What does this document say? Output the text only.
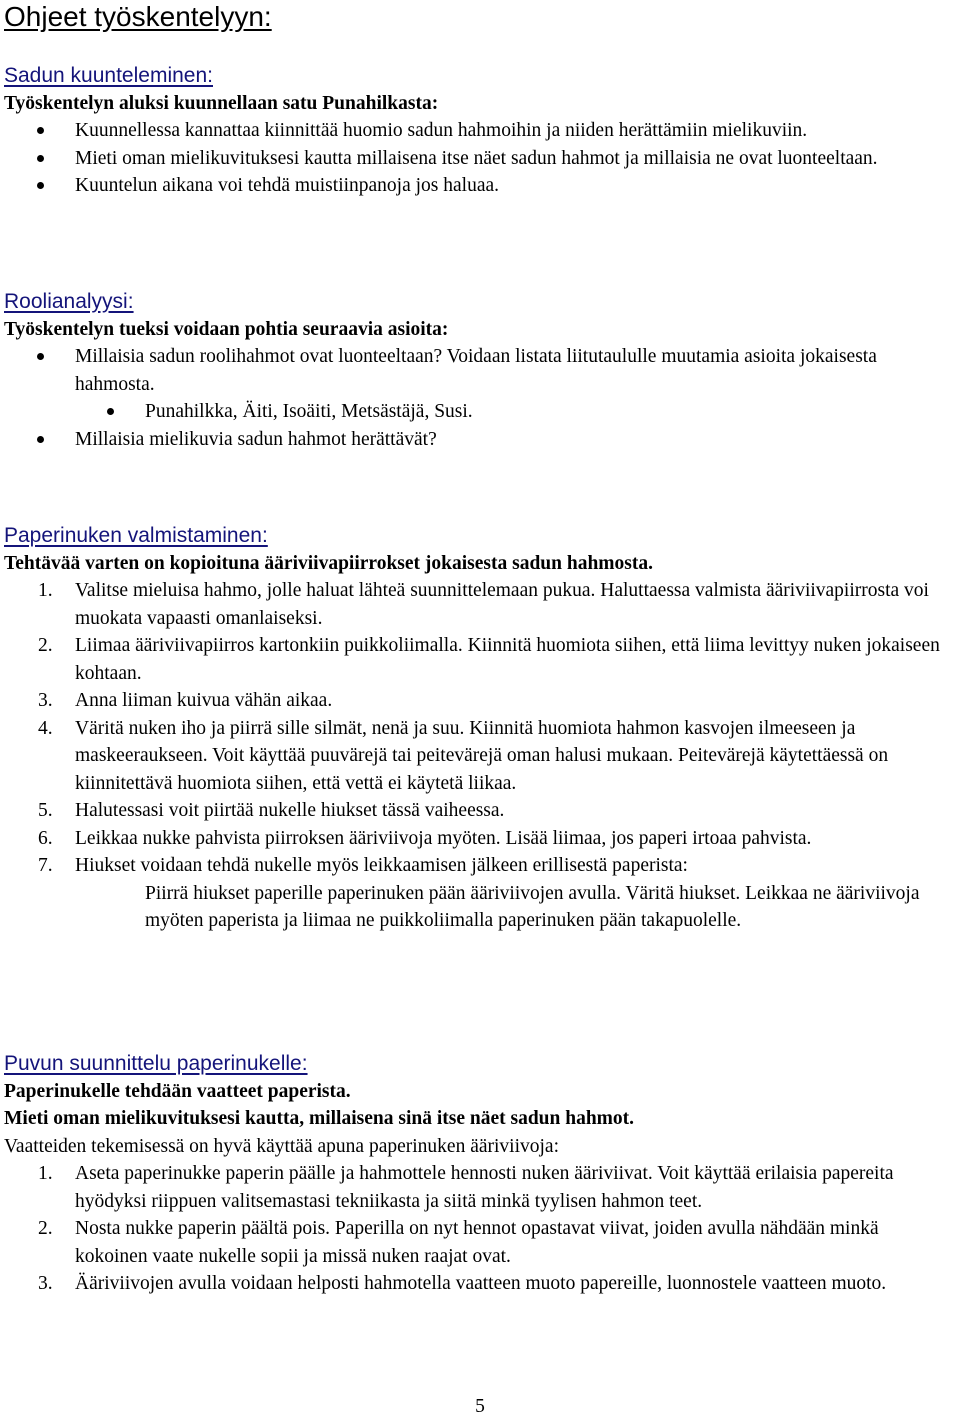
Ohjeet työskentelyyn:
Sadun kuunteleminen:
Työskentelyn aluksi kuunnellaan satu Punahilkasta:
Kuunnellessa kannattaa kiinnittää huomio sadun hahmoihin ja niiden herättämiin mielikuviin.
Mieti oman mielikuvituksesi kautta millaisena itse näet sadun hahmot ja millaisia ne ovat luonteeltaan.
Kuuntelun aikana voi tehdä muistiinpanoja jos haluaa.
Roolianalyysi:
Työskentelyn tueksi voidaan pohtia seuraavia asioita:
Millaisia sadun roolihahmot ovat luonteeltaan? Voidaan listata liitutaululle muutamia asioita jokaisesta hahmosta.
Punahilkka, Äiti, Isoäiti, Metsästäjä, Susi.
Millaisia mielikuvia sadun hahmot herättävät?
Paperinuken valmistaminen:
Tehtävää varten on kopioituna ääriviivapiirrokset jokaisesta sadun hahmosta.
1. Valitse mieluisa hahmo, jolle haluat lähteä suunnittelemaan pukua. Haluttaessa valmista ääriviivapiirrosta voi muokata vapaasti omanlaiseksi.
2. Liimaa ääriviivapiirros kartonkiin puikkoliimalla. Kiinnitä huomiota siihen, että liima levittyy nuken jokaiseen kohtaan.
3. Anna liiman kuivua vähän aikaa.
4. Väritä nuken iho ja piirrä sille silmät, nenä ja suu. Kiinnitä huomiota hahmon kasvojen ilmeeseen ja maskeeraukseen. Voit käyttää puuvärejä tai peitevärejä oman halusi mukaan. Peitevärejä käytettäessä on kiinnitettävä huomiota siihen, että vettä ei käytetä liikaa.
5. Halutessasi voit piirtää nukelle hiukset tässä vaiheessa.
6. Leikkaa nukke pahvista piirroksen ääriviivoja myöten. Lisää liimaa, jos paperi irtoaa pahvista.
7. Hiukset voidaan tehdä nukelle myös leikkaamisen jälkeen erillisestä paperista:
Piirrä hiukset paperille paperinuken pään ääriviivojen avulla. Väritä hiukset. Leikkaa ne ääriviivoja myöten paperista ja liimaa ne puikkoliimalla paperinuken pään takapuolelle.
Puvun suunnittelu paperinukelle:
Paperinukelle tehdään vaatteet paperista.
Mieti oman mielikuvituksesi kautta, millaisena sinä itse näet sadun hahmot.
Vaatteiden tekemisessä on hyvä käyttää apuna paperinuken ääriviivoja:
1. Aseta paperinukke paperin päälle ja hahmottele hennosti nuken ääriviivat. Voit käyttää erilaisia papereita hyödyksi riippuen valitsemastasi tekniikasta ja siitä minkä tyylisen hahmon teet.
2. Nosta nukke paperin päältä pois. Paperilla on nyt hennot opastavat viivat, joiden avulla nähdään minkä kokoinen vaate nukelle sopii ja missä nuken raajat ovat.
3. Ääriviivojen avulla voidaan helposti hahmotella vaatteen muoto papereille, luonnostele vaatteen muoto.
5
